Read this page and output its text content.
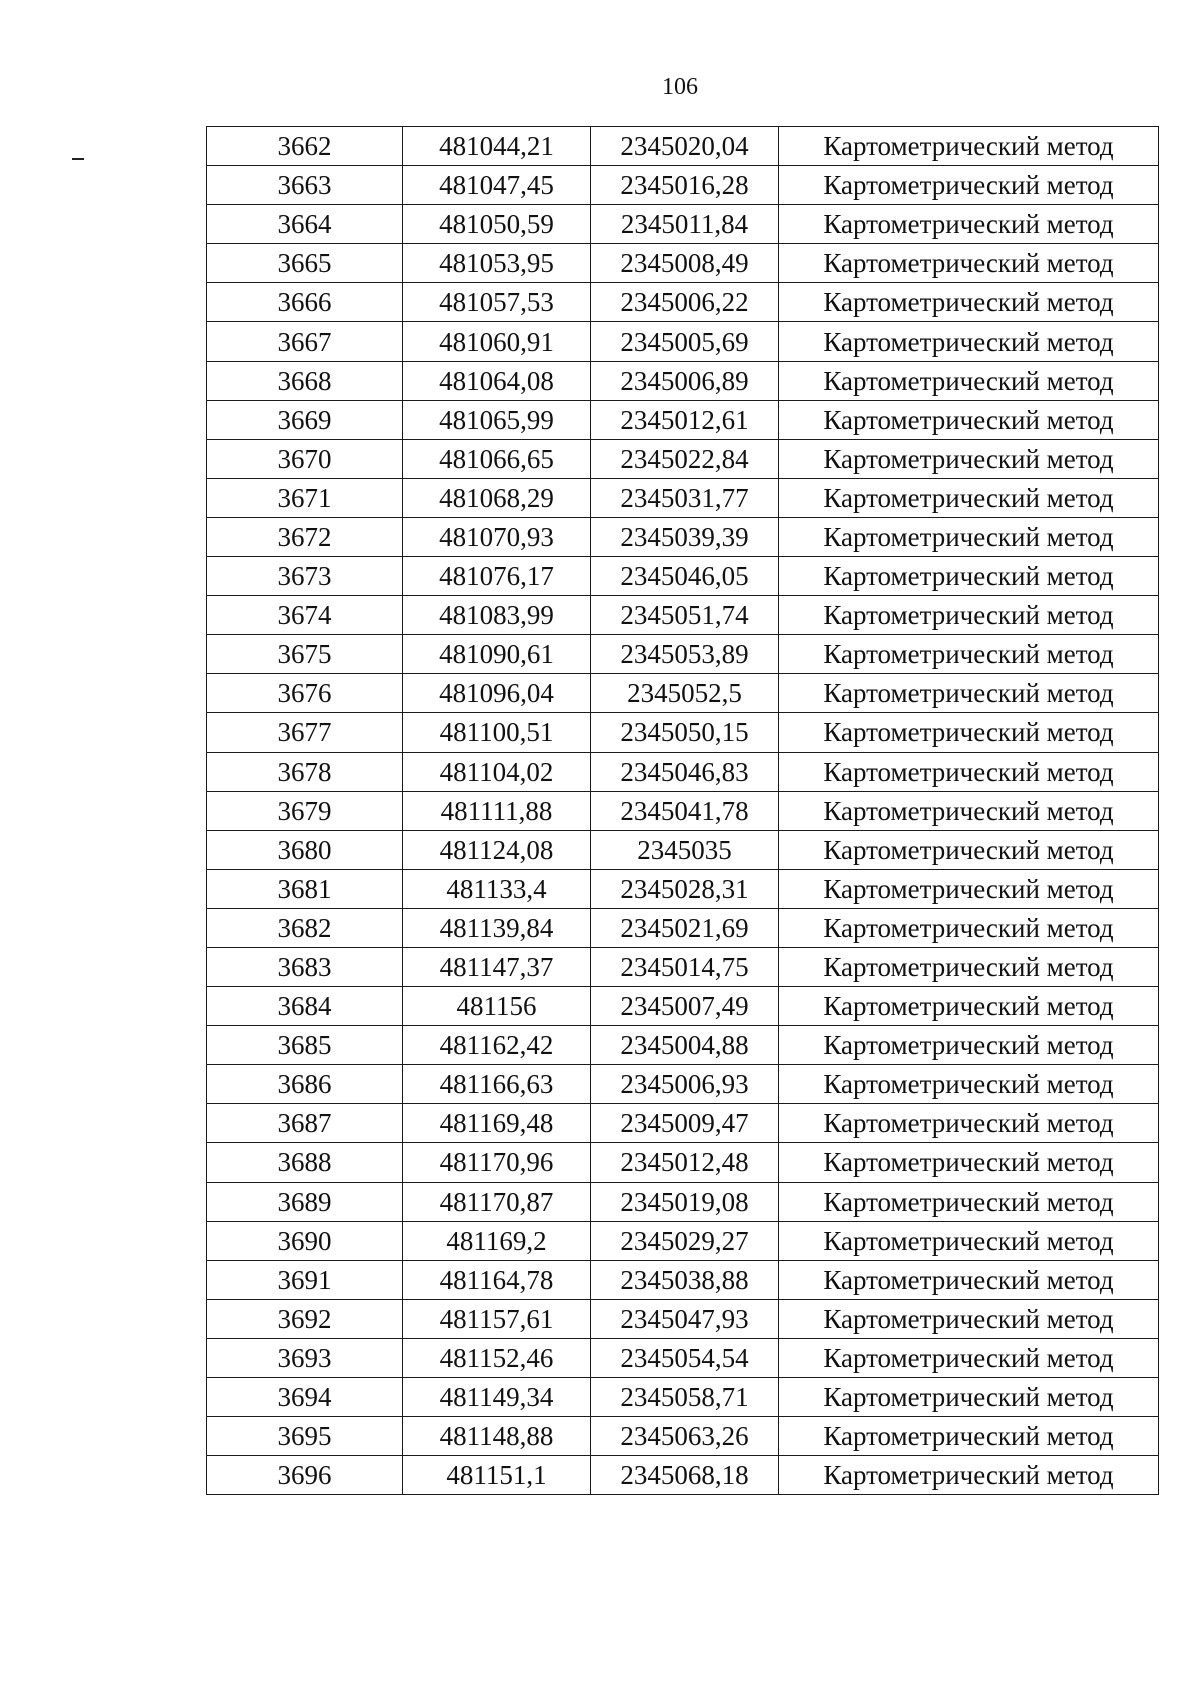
106
3662	481044,21	2345020,04	Картометрический метод
3663	481047,45	2345016,28	Картометрический метод
3664	481050,59	2345011,84	Картометрический метод
3665	481053,95	2345008,49	Картометрический метод
3666	481057,53	2345006,22	Картометрический метод
3667	481060,91	2345005,69	Картометрический метод
3668	481064,08	2345006,89	Картометрический метод
3669	481065,99	2345012,61	Картометрический метод
3670	481066,65	2345022,84	Картометрический метод
3671	481068,29	2345031,77	Картометрический метод
3672	481070,93	2345039,39	Картометрический метод
3673	481076,17	2345046,05	Картометрический метод
3674	481083,99	2345051,74	Картометрический метод
3675	481090,61	2345053,89	Картометрический метод
3676	481096,04	2345052,5	Картометрический метод
3677	481100,51	2345050,15	Картометрический метод
3678	481104,02	2345046,83	Картометрический метод
3679	481111,88	2345041,78	Картометрический метод
3680	481124,08	2345035	Картометрический метод
3681	481133,4	2345028,31	Картометрический метод
3682	481139,84	2345021,69	Картометрический метод
3683	481147,37	2345014,75	Картометрический метод
3684	481156	2345007,49	Картометрический метод
3685	481162,42	2345004,88	Картометрический метод
3686	481166,63	2345006,93	Картометрический метод
3687	481169,48	2345009,47	Картометрический метод
3688	481170,96	2345012,48	Картометрический метод
3689	481170,87	2345019,08	Картометрический метод
3690	481169,2	2345029,27	Картометрический метод
3691	481164,78	2345038,88	Картометрический метод
3692	481157,61	2345047,93	Картометрический метод
3693	481152,46	2345054,54	Картометрический метод
3694	481149,34	2345058,71	Картометрический метод
3695	481148,88	2345063,26	Картометрический метод
3696	481151,1	2345068,18	Картометрический метод
